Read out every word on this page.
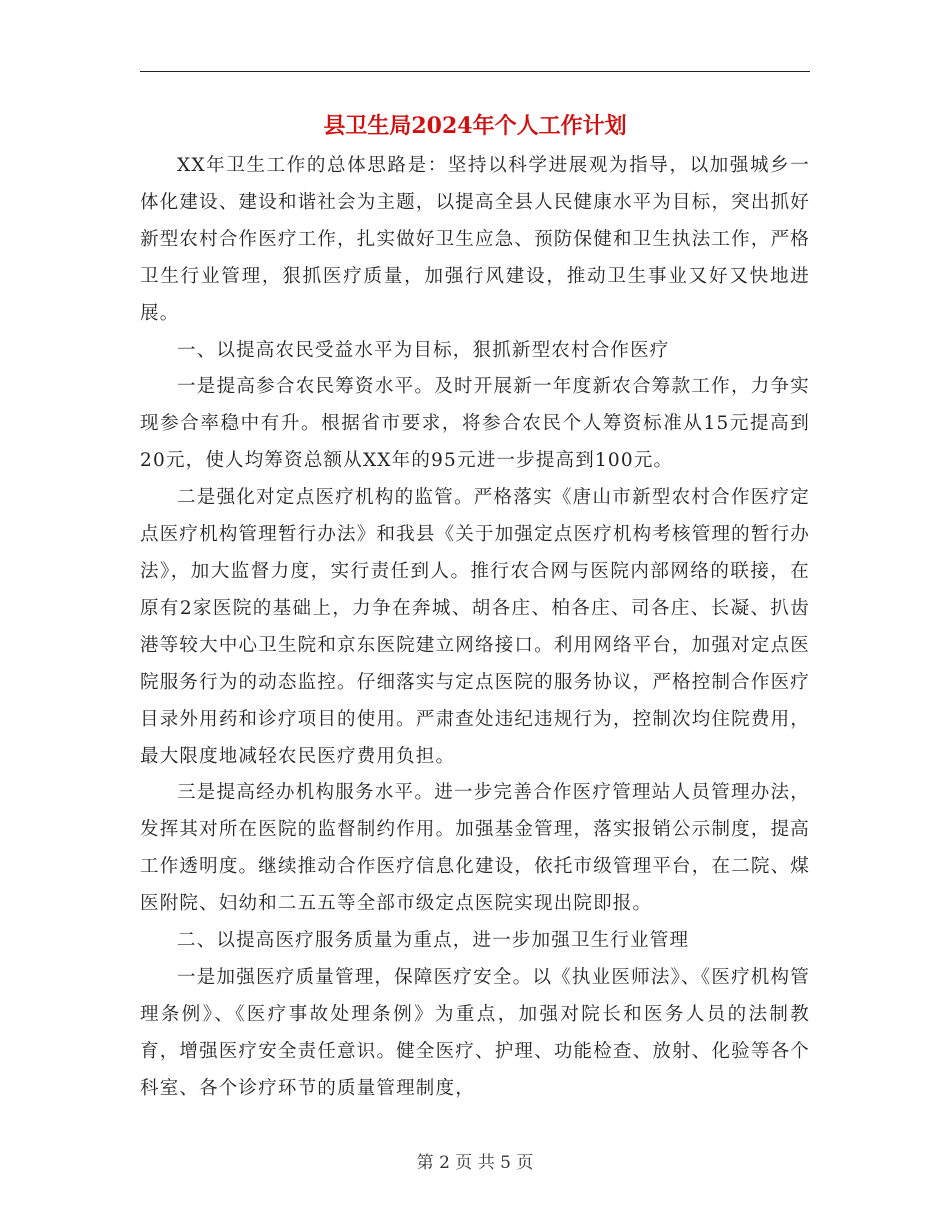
县卫生局2024年个人工作计划

XX年卫生工作的总体思路是：坚持以科学进展观为指导，以加强城乡一体化建设、建设和谐社会为主题，以提高全县人民健康水平为目标，突出抓好新型农村合作医疗工作，扎实做好卫生应急、预防保健和卫生执法工作，严格卫生行业管理，狠抓医疗质量，加强行风建设，推动卫生事业又好又快地进展。

一、以提高农民受益水平为目标，狠抓新型农村合作医疗

一是提高参合农民筹资水平。及时开展新一年度新农合筹款工作，力争实现参合率稳中有升。根据省市要求，将参合农民个人筹资标准从15元提高到20元，使人均筹资总额从XX年的95元进一步提高到100元。

二是强化对定点医疗机构的监管。严格落实《唐山市新型农村合作医疗定点医疗机构管理暂行办法》和我县《关于加强定点医疗机构考核管理的暂行办法》，加大监督力度，实行责任到人。推行农合网与医院内部网络的联接，在原有2家医院的基础上，力争在奔城、胡各庄、柏各庄、司各庄、长凝、扒齿港等较大中心卫生院和京东医院建立网络接口。利用网络平台，加强对定点医院服务行为的动态监控。仔细落实与定点医院的服务协议，严格控制合作医疗目录外用药和诊疗项目的使用。严肃查处违纪违规行为，控制次均住院费用，最大限度地减轻农民医疗费用负担。

三是提高经办机构服务水平。进一步完善合作医疗管理站人员管理办法，发挥其对所在医院的监督制约作用。加强基金管理，落实报销公示制度，提高工作透明度。继续推动合作医疗信息化建设，依托市级管理平台，在二院、煤医附院、妇幼和二五五等全部市级定点医院实现出院即报。

二、以提高医疗服务质量为重点，进一步加强卫生行业管理

一是加强医疗质量管理，保障医疗安全。以《执业医师法》、《医疗机构管理条例》、《医疗事故处理条例》为重点，加强对院长和医务人员的法制教育，增强医疗安全责任意识。健全医疗、护理、功能检查、放射、化验等各个科室、各个诊疗环节的质量管理制度，

第 2 页 共 5 页
